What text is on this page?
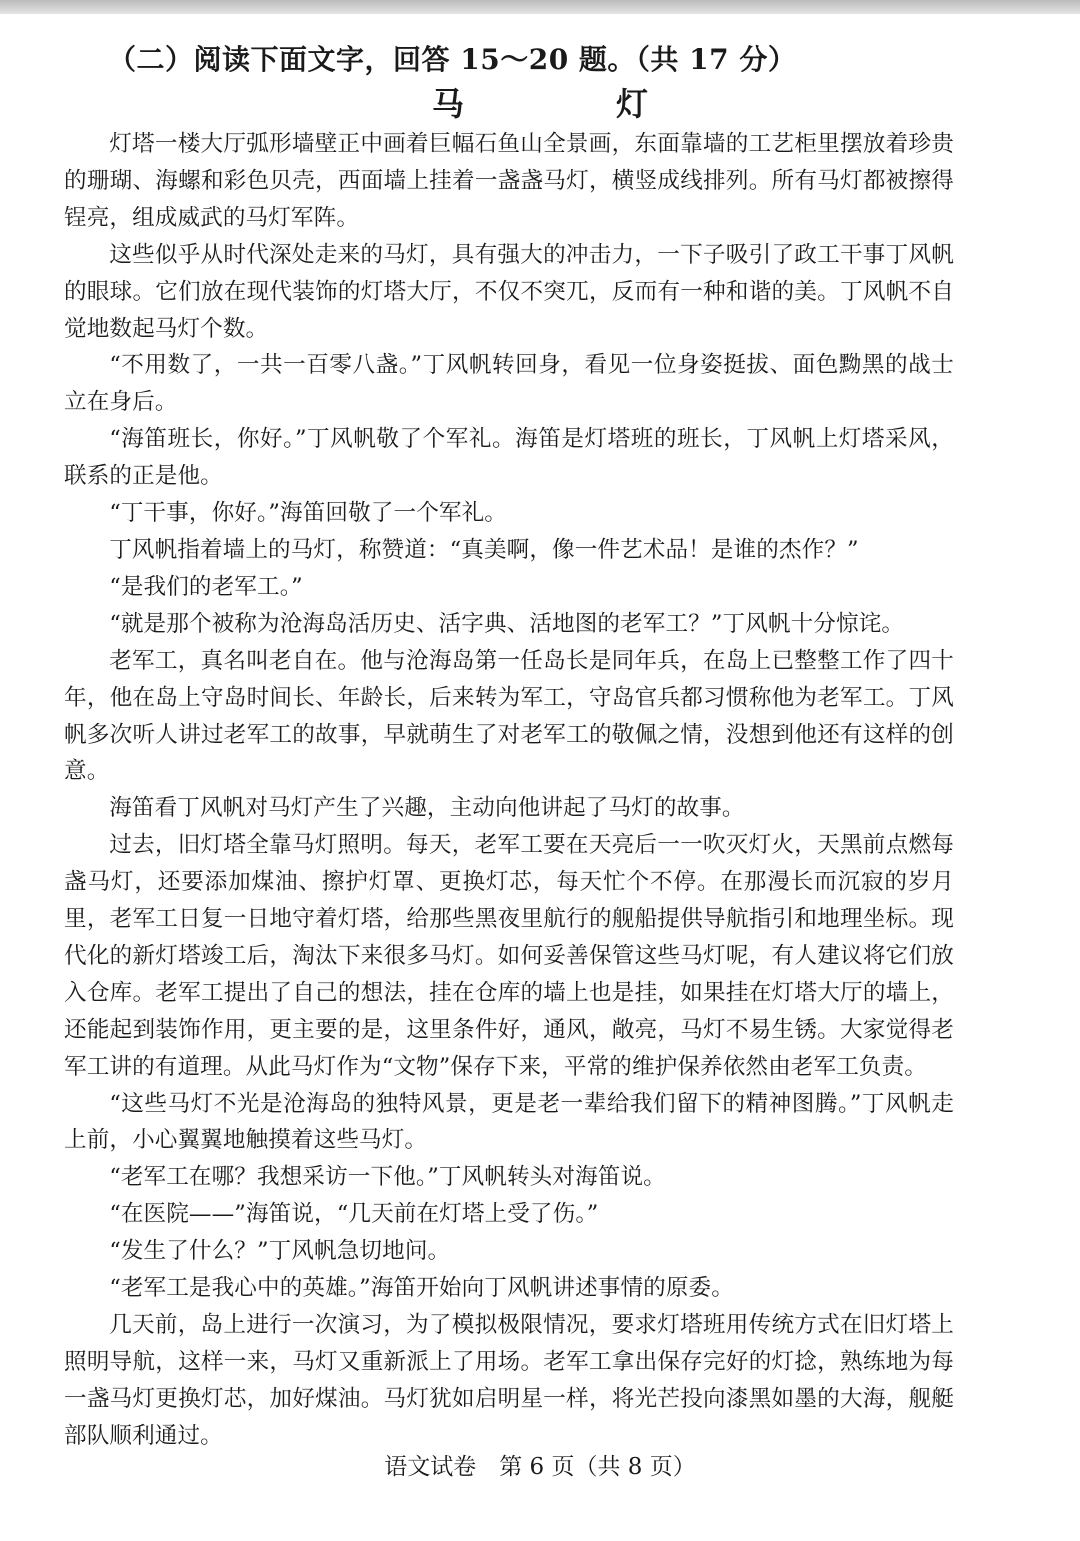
（二）阅读下面文字，回答 15～20 题。（共 17 分）
马　灯

灯塔一楼大厅弧形墙壁正中画着巨幅石鱼山全景画，东面靠墙的工艺柜里摆放着珍贵的珊瑚、海螺和彩色贝壳，西面墙上挂着一盏盏马灯，横竖成线排列。所有马灯都被擦得锃亮，组成威武的马灯军阵。

这些似乎从时代深处走来的马灯，具有强大的冲击力，一下子吸引了政工干事丁风帆的眼球。它们放在现代装饰的灯塔大厅，不仅不突兀，反而有一种和谐的美。丁风帆不自觉地数起马灯个数。

“不用数了，一共一百零八盏。”丁风帆转回身，看见一位身姿挺拔、面色黝黑的战士立在身后。

“海笛班长，你好。”丁风帆敬了个军礼。海笛是灯塔班的班长，丁风帆上灯塔采风，联系的正是他。

“丁干事，你好。”海笛回敬了一个军礼。

丁风帆指着墙上的马灯，称赞道：“真美啊，像一件艺术品！是谁的杰作？”

“是我们的老军工。”

“就是那个被称为沧海岛活历史、活字典、活地图的老军工？”丁风帆十分惊诧。

老军工，真名叫老自在。他与沧海岛第一任岛长是同年兵，在岛上已整整工作了四十年，他在岛上守岛时间长、年龄长，后来转为军工，守岛官兵都习惯称他为老军工。丁风帆多次听人讲过老军工的故事，早就萌生了对老军工的敬佩之情，没想到他还有这样的创意。

海笛看丁风帆对马灯产生了兴趣，主动向他讲起了马灯的故事。

过去，旧灯塔全靠马灯照明。每天，老军工要在天亮后一一吹灭灯火，天黑前点燃每盏马灯，还要添加煤油、擦护灯罩、更换灯芯，每天忙个不停。在那漫长而沉寂的岁月里，老军工日复一日地守着灯塔，给那些黑夜里航行的舰船提供导航指引和地理坐标。现代化的新灯塔竣工后，淘汰下来很多马灯。如何妥善保管这些马灯呢，有人建议将它们放入仓库。老军工提出了自己的想法，挂在仓库的墙上也是挂，如果挂在灯塔大厅的墙上，还能起到装饰作用，更主要的是，这里条件好，通风，敞亮，马灯不易生锈。大家觉得老军工讲的有道理。从此马灯作为“文物”保存下来，平常的维护保养依然由老军工负责。

“这些马灯不光是沧海岛的独特风景，更是老一辈给我们留下的精神图腾。”丁风帆走上前，小心翼翼地触摸着这些马灯。

“老军工在哪？我想采访一下他。”丁风帆转头对海笛说。

“在医院——”海笛说，“几天前在灯塔上受了伤。”

“发生了什么？”丁风帆急切地问。

“老军工是我心中的英雄。”海笛开始向丁风帆讲述事情的原委。

几天前，岛上进行一次演习，为了模拟极限情况，要求灯塔班用传统方式在旧灯塔上照明导航，这样一来，马灯又重新派上了用场。老军工拿出保存完好的灯捻，熟练地为每一盏马灯更换灯芯，加好煤油。马灯犹如启明星一样，将光芒投向漆黑如墨的大海，舰艇部队顺利通过。

语文试卷　第 6 页（共 8 页）
